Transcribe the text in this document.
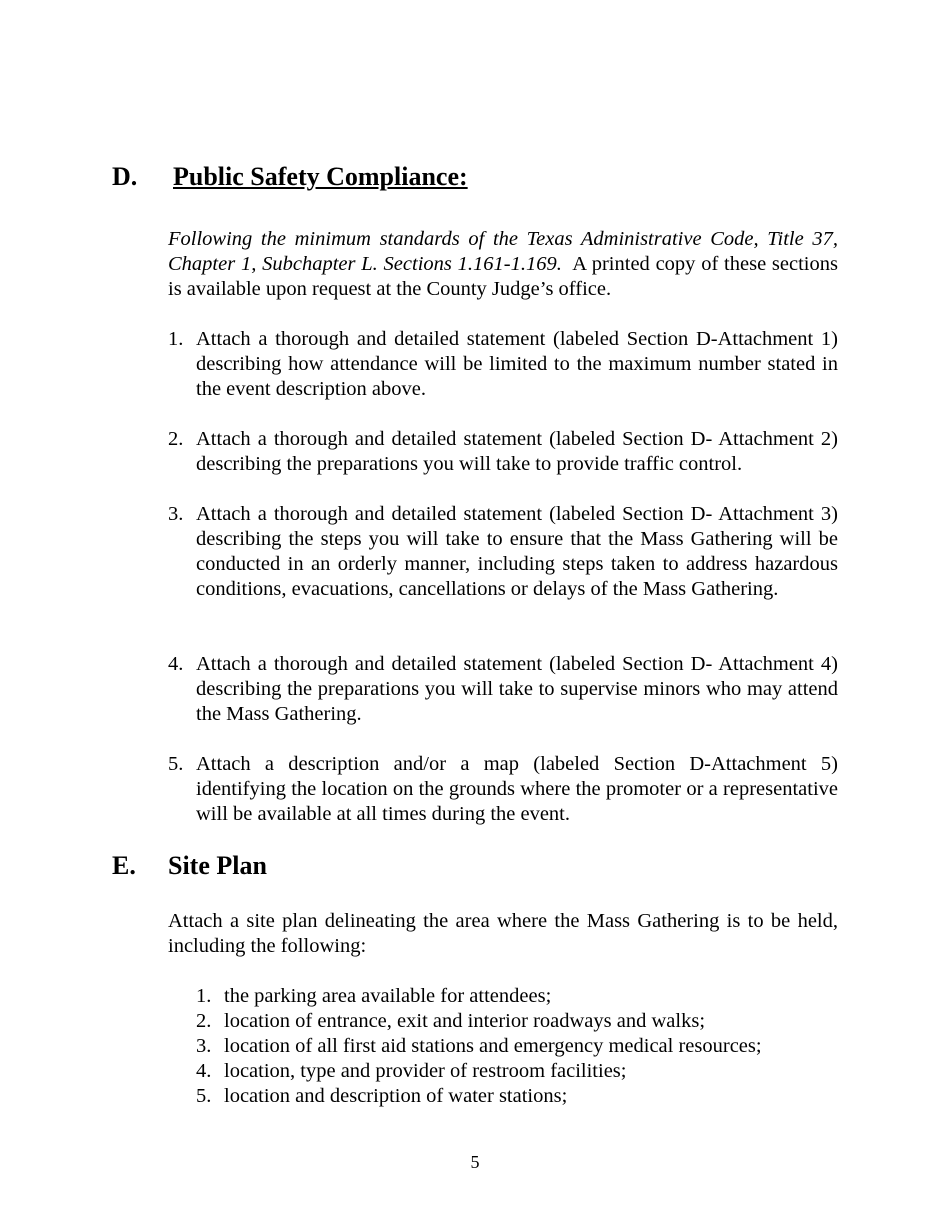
D. Public Safety Compliance:

Following the minimum standards of the Texas Administrative Code, Title 37, Chapter 1, Subchapter L. Sections 1.161-1.169. A printed copy of these sections is available upon request at the County Judge’s office.

1. Attach a thorough and detailed statement (labeled Section D-Attachment 1) describing how attendance will be limited to the maximum number stated in the event description above.
2. Attach a thorough and detailed statement (labeled Section D- Attachment 2) describing the preparations you will take to provide traffic control.
3. Attach a thorough and detailed statement (labeled Section D- Attachment 3) describing the steps you will take to ensure that the Mass Gathering will be conducted in an orderly manner, including steps taken to address hazardous conditions, evacuations, cancellations or delays of the Mass Gathering.
4. Attach a thorough and detailed statement (labeled Section D- Attachment 4) describing the preparations you will take to supervise minors who may attend the Mass Gathering.
5. Attach a description and/or a map (labeled Section D-Attachment 5) identifying the location on the grounds where the promoter or a representative will be available at all times during the event.
E. Site Plan

Attach a site plan delineating the area where the Mass Gathering is to be held, including the following:

1. the parking area available for attendees;
2. location of entrance, exit and interior roadways and walks;
3. location of all first aid stations and emergency medical resources;
4. location, type and provider of restroom facilities;
5. location and description of water stations;
5
